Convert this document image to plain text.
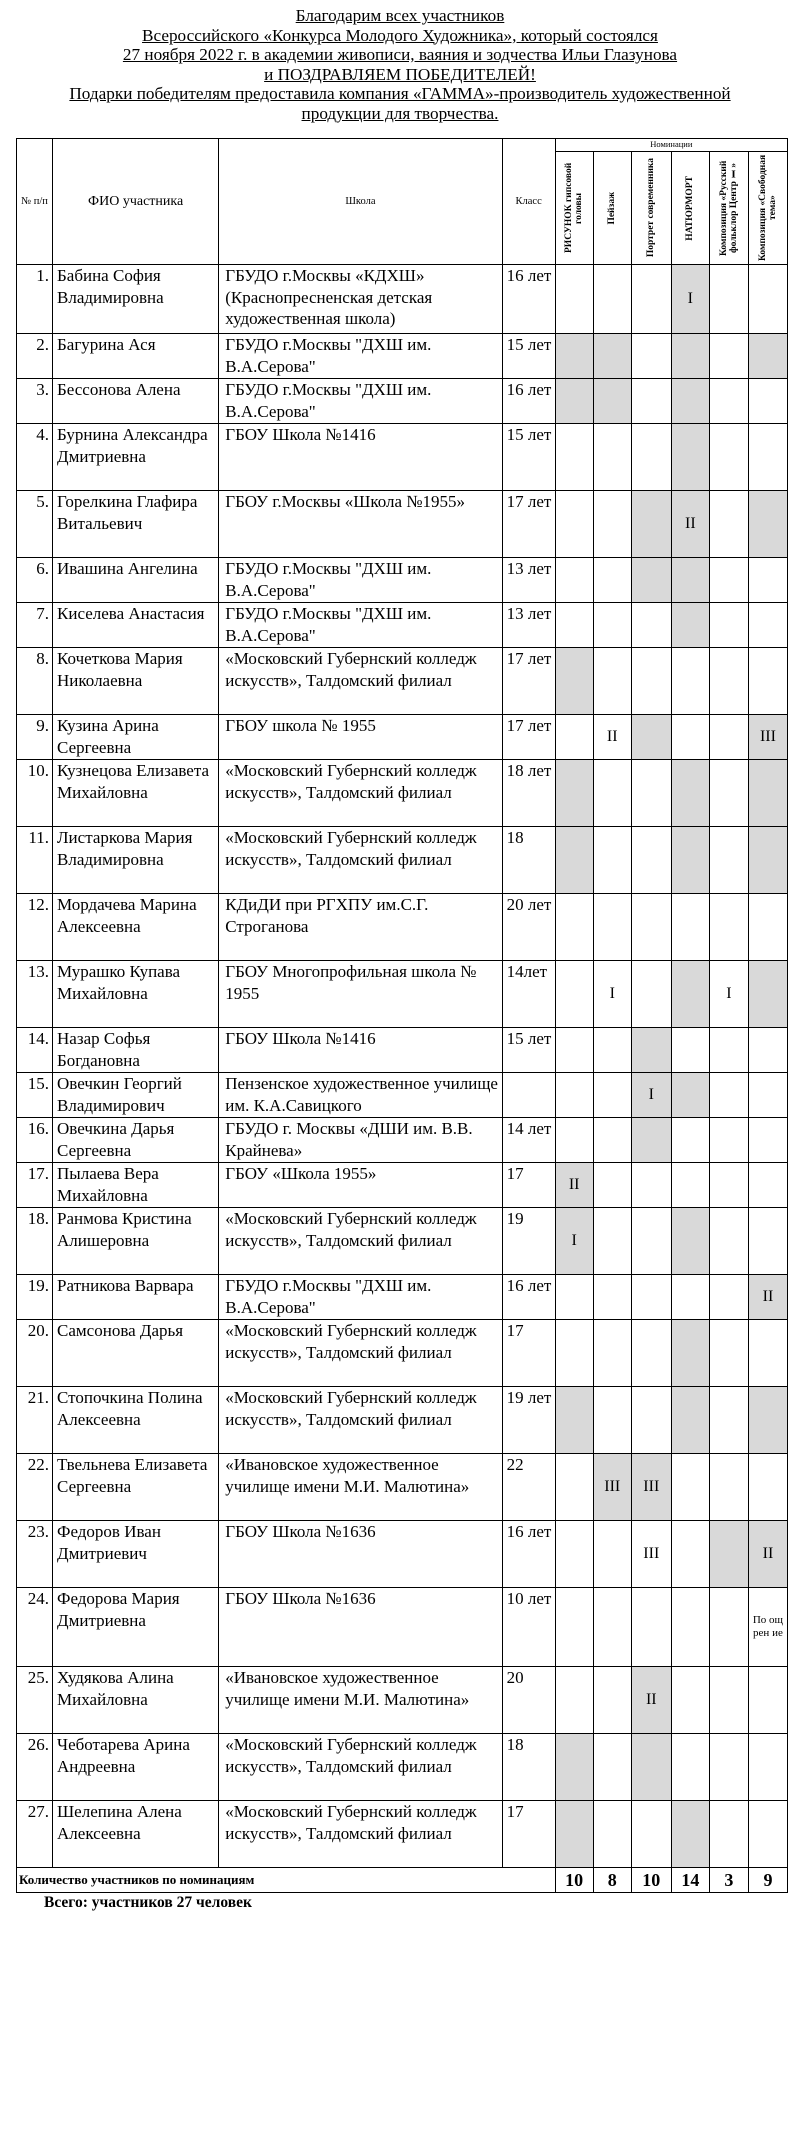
Благодарим всех участников
Всероссийского «Конкурса Молодого Художника», который состоялся
27 ноября 2022 г. в академии живописи, ваяния и зодчества Ильи Глазунова
и ПОЗДРАВЛЯЕМ ПОБЕДИТЕЛЕЙ!
Подарки победителям предоставила компания «ГАММА»-производитель художественной
продукции для творчества.
№ п/п	ФИО участника	Школа	Класс	Номинации					

				РИСУНОК гипсовой головы	Пейзаж	Портрет современника	НАТЮРМОРТ	Композиция «Русский фольклор Центр Ⅰ»	Композиция «Свободная тема»

1.	Бабина София Владимировна	ГБУДО г.Москвы «КДХШ» (Краснопресненская детская художественная школа)	16 лет				I		
2.	Багурина Ася	ГБУДО г.Москвы "ДХШ им. В.А.Серова"	15 лет						
3.	Бессонова Алена	ГБУДО г.Москвы "ДХШ им. В.А.Серова"	16 лет						
4.	Бурнина Александра Дмитриевна	ГБОУ Школа №1416	15 лет						
5.	Горелкина Глафира Витальевич	ГБОУ г.Москвы «Школа №1955»	17 лет				II		
6.	Ивашина Ангелина	ГБУДО г.Москвы "ДХШ им. В.А.Серова"	13 лет						
7.	Киселева Анастасия	ГБУДО г.Москвы "ДХШ им. В.А.Серова"	13 лет						
8.	Кочеткова Мария Николаевна	«Московский Губернский колледж искусств», Талдомский филиал	17 лет						
9.	Кузина Арина Сергеевна	ГБОУ школа № 1955	17 лет		II				III
10.	Кузнецова Елизавета Михайловна	«Московский Губернский колледж искусств», Талдомский филиал	18 лет						
11.	Листаркова Мария Владимировна	«Московский Губернский колледж искусств», Талдомский филиал	18						
12.	Мордачева Марина Алексеевна	КДиДИ при РГХПУ им.С.Г. Строганова	20 лет						
13.	Мурашко Купава Михайловна	ГБОУ Многопрофильная школа № 1955	14лет		I			I	
14.	Назар Софья Богдановна	ГБОУ Школа №1416	15 лет						
15.	Овечкин Георгий Владимирович	Пензенское художественное училище им. К.А.Савицкого				I			
16.	Овечкина Дарья Сергеевна	ГБУДО г. Москвы «ДШИ им. В.В. Крайнева»	14 лет						
17.	Пылаева Вера Михайловна	ГБОУ «Школа 1955»	17	II					
18.	Ранмова Кристина Алишеровна	«Московский Губернский колледж искусств», Талдомский филиал	19	I					
19.	Ратникова Варвара	ГБУДО г.Москвы "ДХШ им. В.А.Серова"	16 лет						II
20.	Самсонова Дарья	«Московский Губернский колледж искусств», Талдомский филиал	17						
21.	Стопочкина Полина Алексеевна	«Московский Губернский колледж искусств», Талдомский филиал	19 лет						
22.	Твельнева Елизавета Сергеевна	«Ивановское художественное училище имени М.И. Малютина»	22		III	III			
23.	Федоров Иван Дмитриевич	ГБОУ Школа №1636	16 лет			III			II
24.	Федорова Мария Дмитриевна	ГБОУ Школа №1636	10 лет						По ощ рен ие
25.	Худякова Алина Михайловна	«Ивановское художественное училище имени М.И. Малютина»	20			II			
26.	Чеботарева Арина Андреевна	«Московский Губернский колледж искусств», Талдомский филиал	18						
27.	Шелепина Алена Алексеевна	«Московский Губернский колледж искусств», Талдомский филиал	17						
Количество участников по номинациям				10	8	10	14	3	9
Всего: участников 27 человек
